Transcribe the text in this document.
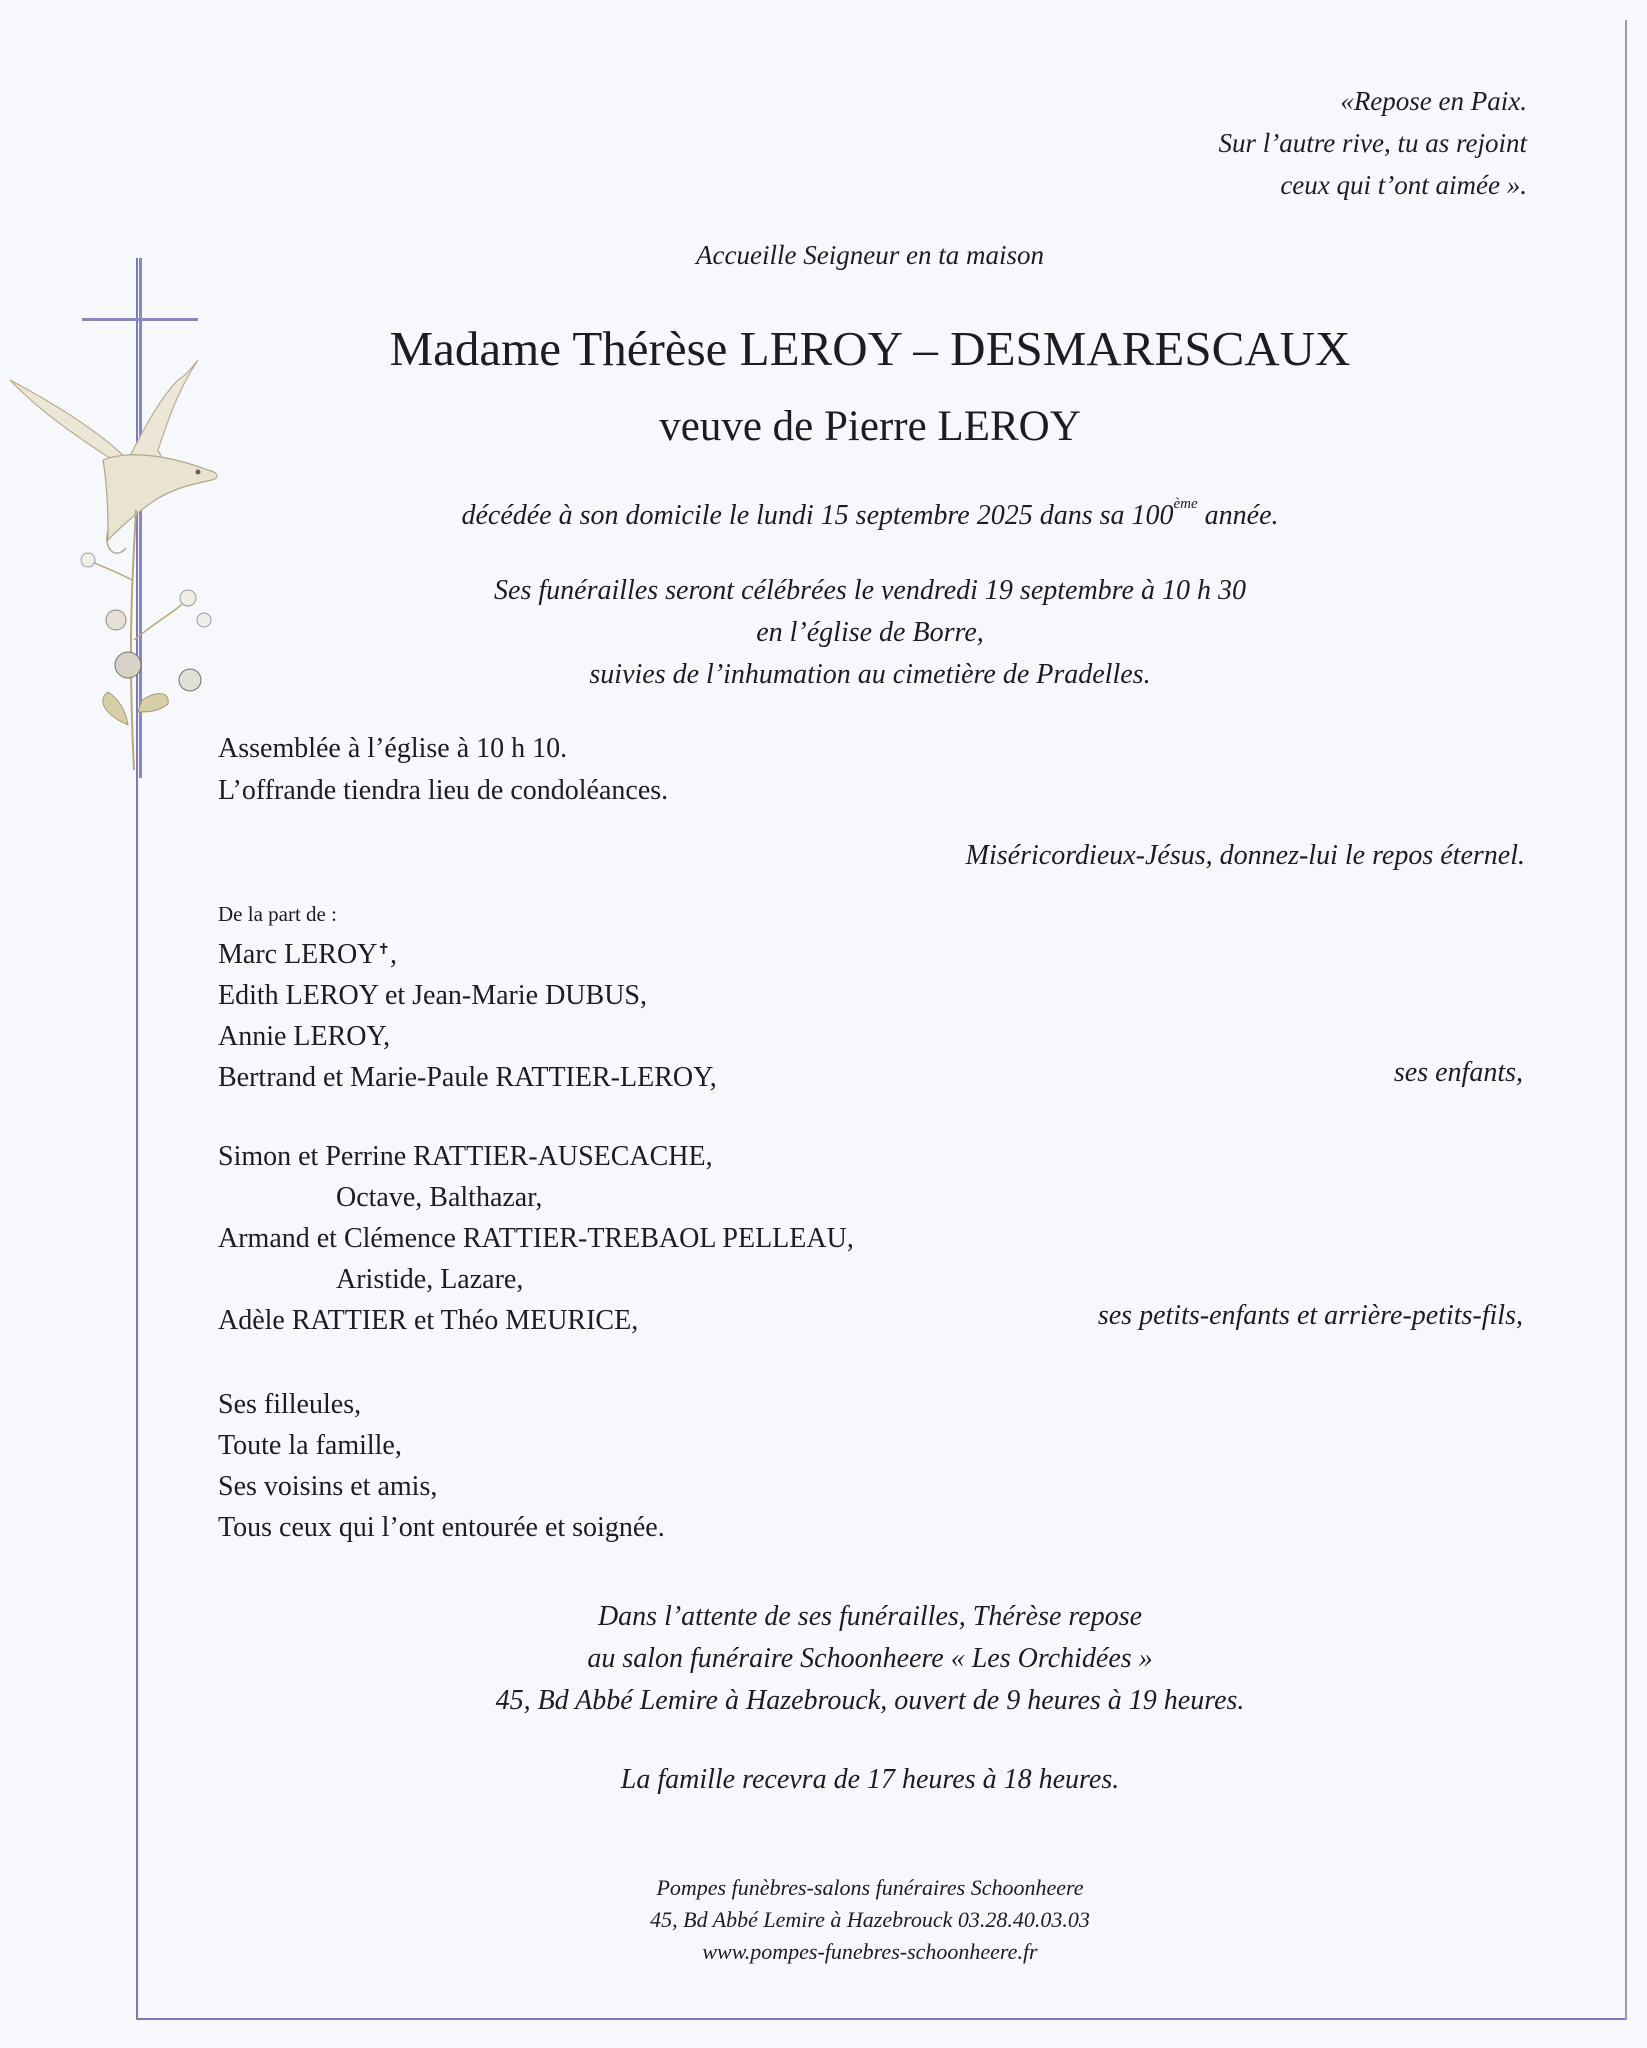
«Repose en Paix.
Sur l’autre rive, tu as rejoint
ceux qui t’ont aimée ».
Accueille Seigneur en ta maison
Madame Thérèse LEROY – DESMARESCAUX
veuve de Pierre LEROY
décédée à son domicile le lundi 15 septembre 2025 dans sa 100ème année.
Ses funérailles seront célébrées le vendredi 19 septembre à 10 h 30
en l’église de Borre,
suivies de l’inhumation au cimetière de Pradelles.
Assemblée à l’église à 10 h 10.
L’offrande tiendra lieu de condoléances.
Miséricordieux-Jésus, donnez-lui le repos éternel.
De la part de :
Marc LEROY✝,
Edith LEROY et Jean-Marie DUBUS,
Annie LEROY,
Bertrand et Marie-Paule RATTIER-LEROY,	ses enfants,
Simon et Perrine RATTIER-AUSECACHE,
Octave, Balthazar,
Armand et Clémence RATTIER-TREBAOL PELLEAU,
Aristide, Lazare,
Adèle RATTIER et Théo MEURICE,	ses petits-enfants et arrière-petits-fils,
Ses filleules,
Toute la famille,
Ses voisins et amis,
Tous ceux qui l’ont entourée et soignée.
Dans l’attente de ses funérailles, Thérèse repose
au salon funéraire Schoonheere « Les Orchidées »
45, Bd Abbé Lemire à Hazebrouck, ouvert de 9 heures à 19 heures.
La famille recevra de 17 heures à 18 heures.
Pompes funèbres-salons funéraires Schoonheere
45, Bd Abbé Lemire à Hazebrouck 03.28.40.03.03
www.pompes-funebres-schoonheere.fr
